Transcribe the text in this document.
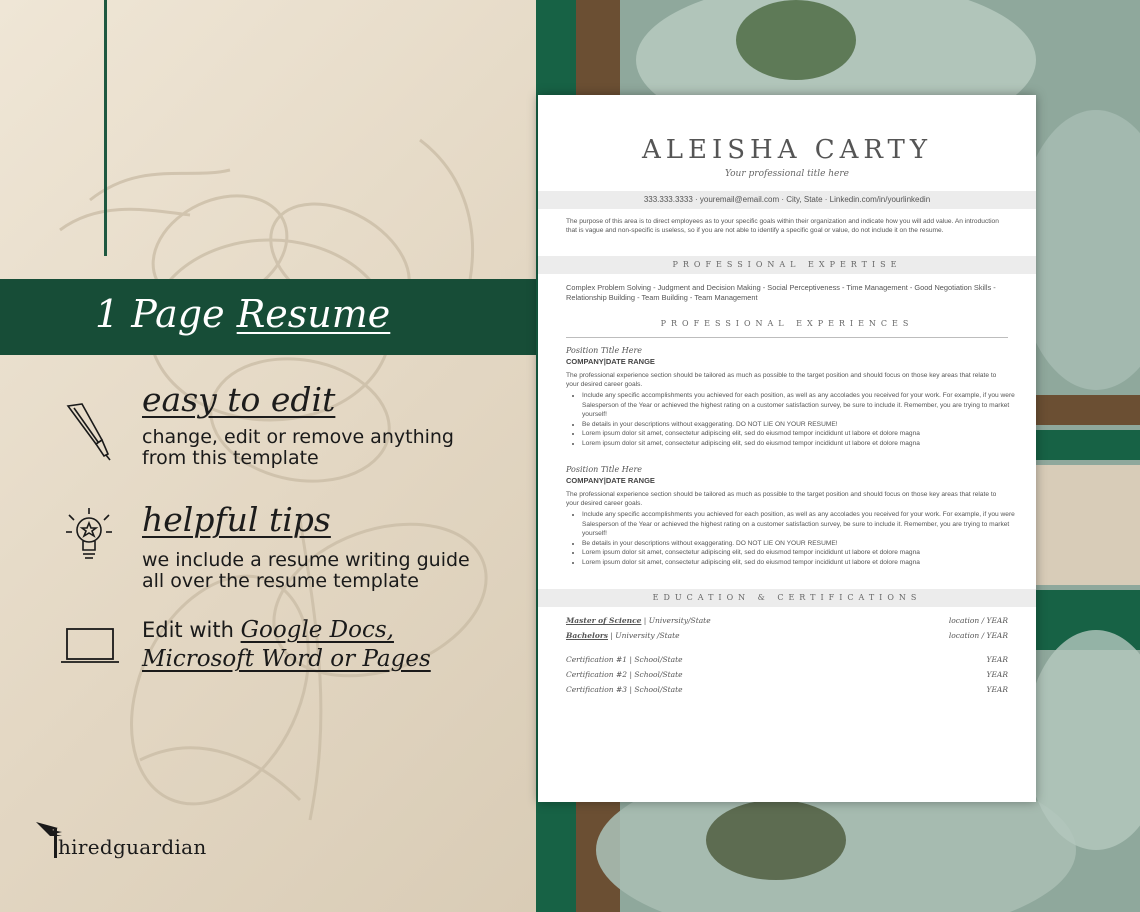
1 Page Resume
easy to edit
change, edit or remove anything
from this template
helpful tips
we include a resume writing guide
all over the resume template
Edit with Google Docs,
Microsoft Word or Pages
hiredguardian
ALEISHA CARTY
Your professional title here
333.333.3333 · youremail@email.com · City, State · Linkedin.com/in/yourlinkedin
The purpose of this area is to direct employees as to your specific goals within their organization and indicate how you will add value. An introduction that is vague and non-specific is useless, so if you are not able to identify a specific goal or value, do not include it on the resume.
PROFESSIONAL EXPERTISE
Complex Problem Solving - Judgment and Decision Making - Social Perceptiveness - Time Management - Good Negotiation Skills - Relationship Building - Team Building - Team Management
PROFESSIONAL EXPERIENCES
Position Title Here
COMPANY|DATE RANGE
The professional experience section should be tailored as much as possible to the target position and should focus on those key areas that relate to your desired career goals.
• Include any specific accomplishments you achieved for each position, as well as any accolades you received for your work. For example, if you were Salesperson of the Year or achieved the highest rating on a customer satisfaction survey, be sure to include it. Remember, you are trying to market yourself!
• Be details in your descriptions without exaggerating. DO NOT LIE ON YOUR RESUME!
• Lorem ipsum dolor sit amet, consectetur adipiscing elit, sed do eiusmod tempor incididunt ut labore et dolore magna
• Lorem ipsum dolor sit amet, consectetur adipiscing elit, sed do eiusmod tempor incididunt ut labore et dolore magna
Position Title Here
COMPANY|DATE RANGE
The professional experience section should be tailored as much as possible to the target position and should focus on those key areas that relate to your desired career goals.
• Include any specific accomplishments you achieved for each position, as well as any accolades you received for your work. For example, if you were Salesperson of the Year or achieved the highest rating on a customer satisfaction survey, be sure to include it. Remember, you are trying to market yourself!
• Be details in your descriptions without exaggerating. DO NOT LIE ON YOUR RESUME!
• Lorem ipsum dolor sit amet, consectetur adipiscing elit, sed do eiusmod tempor incididunt ut labore et dolore magna
• Lorem ipsum dolor sit amet, consectetur adipiscing elit, sed do eiusmod tempor incididunt ut labore et dolore magna
EDUCATION & CERTIFICATIONS
Master of Science | University/State	location / YEAR
Bachelors | University /State	location / YEAR
Certification #1 | School/State	YEAR
Certification #2 | School/State	YEAR
Certification #3 | School/State	YEAR
